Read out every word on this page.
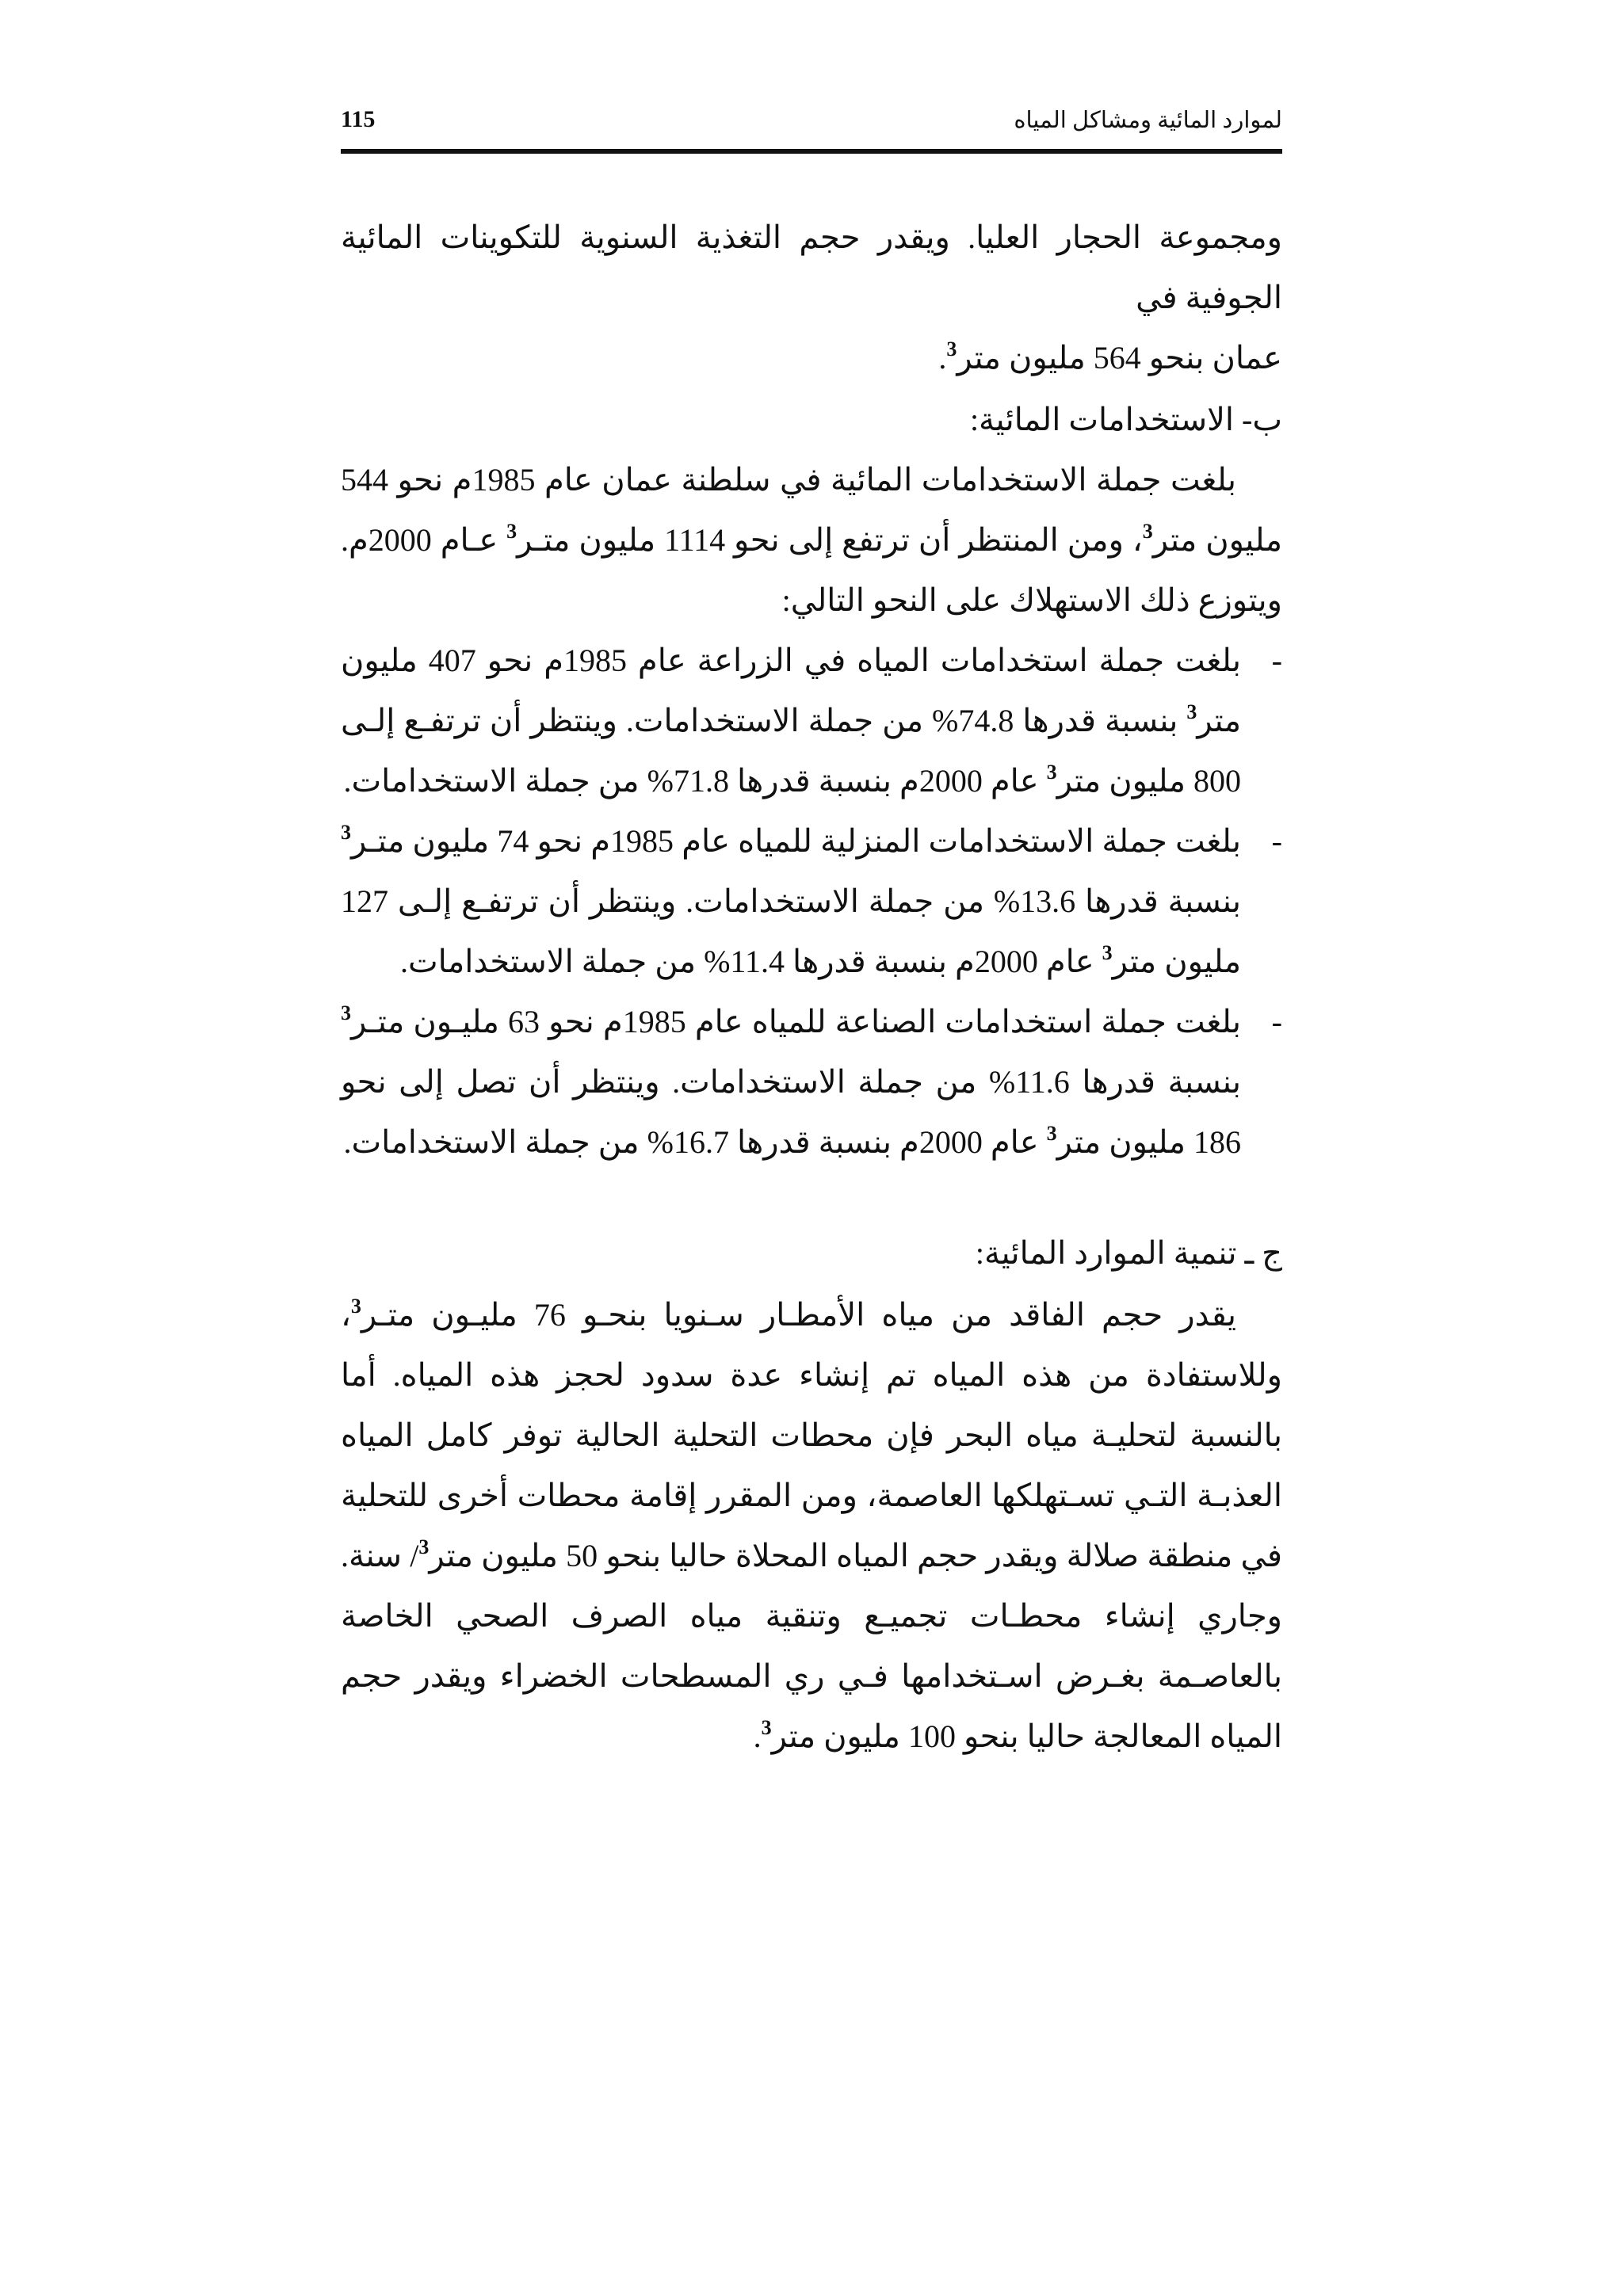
115	لموارد المائية ومشاكل المياه

ومجموعة الحجار العليا. ويقدر حجم التغذية السنوية للتكوينات المائية الجوفية في
عمان بنحو 564 مليون متر$^3$.

ب- الاستخدامات المائية:

بلغت جملة الاستخدامات المائية في سلطنة عمان عام 1985م نحو 544 مليون متر$^3$، ومن المنتظر أن ترتفع إلى نحو 1114 مليون متـر$^3$ عـام 2000م. ويتوزع ذلك الاستهلاك على النحو التالي:

-
بلغت جملة استخدامات المياه في الزراعة عام 1985م نحو 407 مليون متر$^3$ بنسبة قدرها 74.8% من جملة الاستخدامات. وينتظر أن ترتفـع إلـى 800 مليون متر$^3$ عام 2000م بنسبة قدرها 71.8% من جملة الاستخدامات.
-
بلغت جملة الاستخدامات المنزلية للمياه عام 1985م نحو 74 مليون متـر$^3$ بنسبة قدرها 13.6% من جملة الاستخدامات. وينتظر أن ترتفـع إلـى 127 مليون متر$^3$ عام 2000م بنسبة قدرها 11.4% من جملة الاستخدامات.
-
بلغت جملة استخدامات الصناعة للمياه عام 1985م نحو 63 مليـون متـر$^3$ بنسبة قدرها 11.6% من جملة الاستخدامات. وينتظر أن تصل إلى نحو 186 مليون متر$^3$ عام 2000م بنسبة قدرها 16.7% من جملة الاستخدامات.
ج ـ تنمية الموارد المائية:

يقدر حجم الفاقد من مياه الأمطـار سـنويا بنحـو 76 مليـون متـر$^3$، وللاستفادة من هذه المياه تم إنشاء عدة سدود لحجز هذه المياه. أما بالنسبة لتحليـة مياه البحر فإن محطات التحلية الحالية توفر كامل المياه العذبـة التـي تسـتهلكها العاصمة، ومن المقرر إقامة محطات أخرى للتحلية في منطقة صلالة ويقدر حجم المياه المحلاة حاليا بنحو 50 مليون متر$^3$/ سنة. وجاري إنشاء محطـات تجميـع وتنقية مياه الصرف الصحي الخاصة بالعاصـمة بغـرض اسـتخدامها فـي ري المسطحات الخضراء ويقدر حجم المياه المعالجة حاليا بنحو 100 مليون متر$^3$.
